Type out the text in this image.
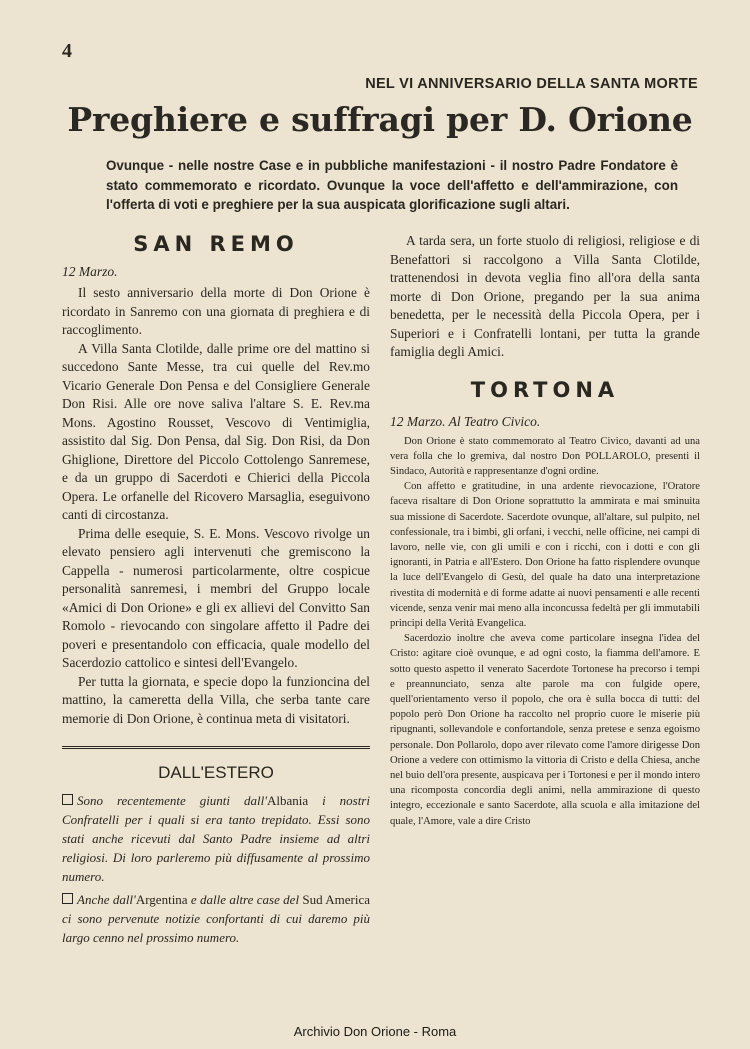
4
NEL VI ANNIVERSARIO DELLA SANTA MORTE
Preghiere e suffragi per D. Orione

Ovunque - nelle nostre Case e in pubbliche manifestazioni - il nostro Padre Fondatore è stato commemorato e ricordato. Ovunque la voce dell'affetto e dell'ammirazione, con l'offerta di voti e preghiere per la sua auspicata glorificazione sugli altari.

SAN REMO
12 Marzo.

Il sesto anniversario della morte di Don Orione è ricordato in Sanremo con una giornata di preghiera e di raccoglimento.

A Villa Santa Clotilde, dalle prime ore del mattino si succedono Sante Messe, tra cui quelle del Rev.mo Vicario Generale Don Pensa e del Consigliere Generale Don Risi. Alle ore nove saliva l'altare S. E. Rev.ma Mons. Agostino Rousset, Vescovo di Ventimiglia, assistito dal Sig. Don Pensa, dal Sig. Don Risi, da Don Ghiglione, Direttore del Piccolo Cottolengo Sanremese, e da un gruppo di Sacerdoti e Chierici della Piccola Opera. Le orfanelle del Ricovero Marsaglia, eseguivono canti di circostanza.

Prima delle esequie, S. E. Mons. Vescovo rivolge un elevato pensiero agli intervenuti che gremiscono la Cappella - numerosi particolarmente, oltre cospicue personalità sanremesi, i membri del Gruppo locale «Amici di Don Orione» e gli ex allievi del Convitto San Romolo - rievocando con singolare affetto il Padre dei poveri e presentandolo con efficacia, quale modello del Sacerdozio cattolico e sintesi dell'Evangelo.

Per tutta la giornata, e specie dopo la funzioncina del mattino, la cameretta della Villa, che serba tante care memorie di Don Orione, è continua meta di visitatori.

DALL'ESTERO

Sono recentemente giunti dall'Albania i nostri Confratelli per i quali si era tanto trepidato. Essi sono stati anche ricevuti dal Santo Padre insieme ad altri religiosi. Di loro parleremo più diffusamente al prossimo numero.

Anche dall'Argentina e dalle altre case del Sud America ci sono pervenute notizie confortanti di cui daremo più largo cenno nel prossimo numero.

A tarda sera, un forte stuolo di religiosi, religiose e di Benefattori si raccolgono a Villa Santa Clotilde, trattenendosi in devota veglia fino all'ora della santa morte di Don Orione, pregando per la sua anima benedetta, per le necessità della Piccola Opera, per i Superiori e i Confratelli lontani, per tutta la grande famiglia degli Amici.

TORTONA
12 Marzo. Al Teatro Civico.

Don Orione è stato commemorato al Teatro Civico, davanti ad una vera folla che lo gremiva, dal nostro Don POLLAROLO, presenti il Sindaco, Autorità e rappresentanze d'ogni ordine.

Con affetto e gratitudine, in una ardente rievocazione, l'Oratore faceva risaltare di Don Orione soprattutto la ammirata e mai sminuita sua missione di Sacerdote. Sacerdote ovunque, all'altare, sul pulpito, nel confessionale, tra i bimbi, gli orfani, i vecchi, nelle officine, nei campi di lavoro, nelle vie, con gli umili e con i ricchi, con i dotti e con gli ignoranti, in Patria e all'Estero. Don Orione ha fatto risplendere ovunque la luce dell'Evangelo di Gesù, del quale ha dato una interpretazione rivestita di modernità e di forme adatte ai nuovi pensamenti e alle recenti vicende, senza venir mai meno alla inconcussa fedeltà per gli immutabili principi della Verità Evangelica.

Sacerdozio inoltre che aveva come particolare insegna l'idea del Cristo: agitare cioè ovunque, e ad ogni costo, la fiamma dell'amore. E sotto questo aspetto il venerato Sacerdote Tortonese ha precorso i tempi e preannunciato, senza alte parole ma con fulgide opere, quell'orientamento verso il popolo, che ora è sulla bocca di tutti: del popolo però Don Orione ha raccolto nel proprio cuore le miserie più ripugnanti, sollevandole e confortandole, senza pretese e senza egoismo personale. Don Pollarolo, dopo aver rilevato come l'amore dirigesse Don Orione a vedere con ottimismo la vittoria di Cristo e della Chiesa, anche nel buio dell'ora presente, auspicava per i Tortonesi e per il mondo intero una ricompostа concordia degli animi, nella ammirazione di questo integro, eccezionale e santo Sacerdote, alla scuola e alla imitazione del quale, l'Amore, vale a dire Cristo

Archivio Don Orione - Roma
